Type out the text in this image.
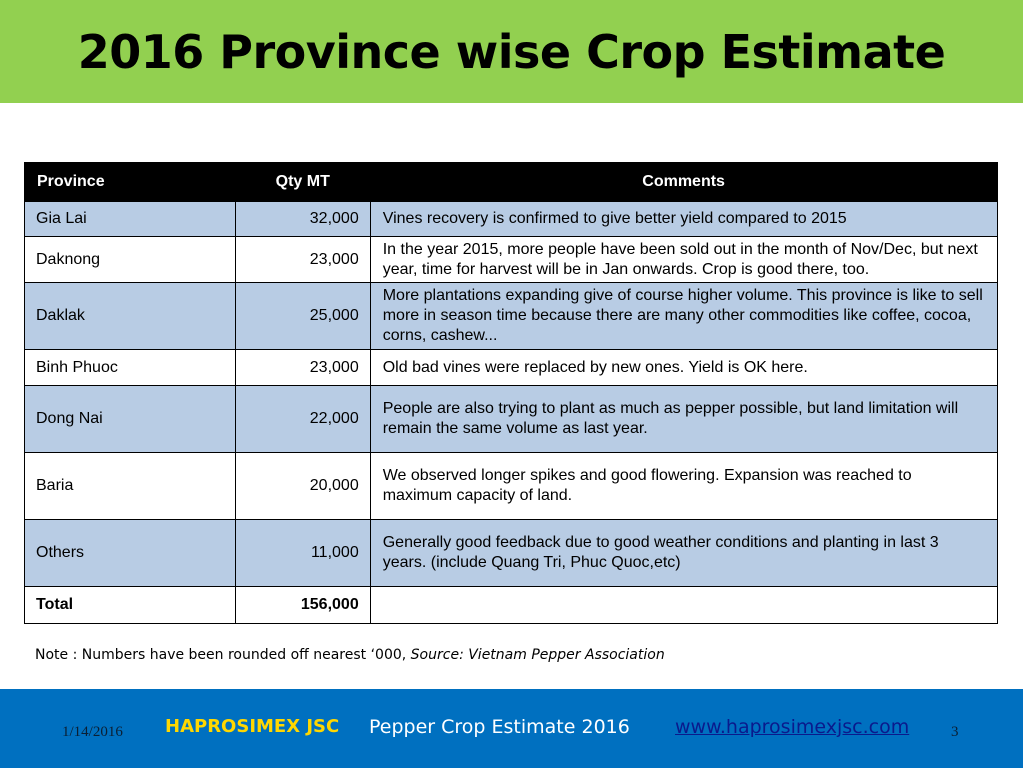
2016 Province wise Crop Estimate
Province	Qty MT	Comments
Gia Lai	32,000	Vines recovery is confirmed to give better yield compared to 2015
Daknong	23,000	In the year 2015, more people have been sold out in the month of Nov/Dec, but next year, time for harvest will be in Jan onwards. Crop is good there, too.
Daklak	25,000	More plantations expanding give of course higher volume. This province is like to sell more in season time because there are many other commodities like coffee, cocoa, corns, cashew...
Binh Phuoc	23,000	Old bad vines were replaced by new ones. Yield is OK here.
Dong Nai	22,000	People are also trying to plant as much as pepper possible, but land limitation will remain the same volume as last year.
Baria	20,000	We observed longer spikes and good flowering. Expansion was reached to maximum capacity of land.
Others	11,000	Generally good feedback due to good weather conditions and planting in last 3 years. (include Quang Tri, Phuc Quoc,etc)
Total	156,000	
Note : Numbers have been rounded off nearest ‘000, Source: Vietnam Pepper Association
1/14/2016 HAPROSIMEX JSC Pepper Crop Estimate 2016 www.haprosimexjsc.com	3
